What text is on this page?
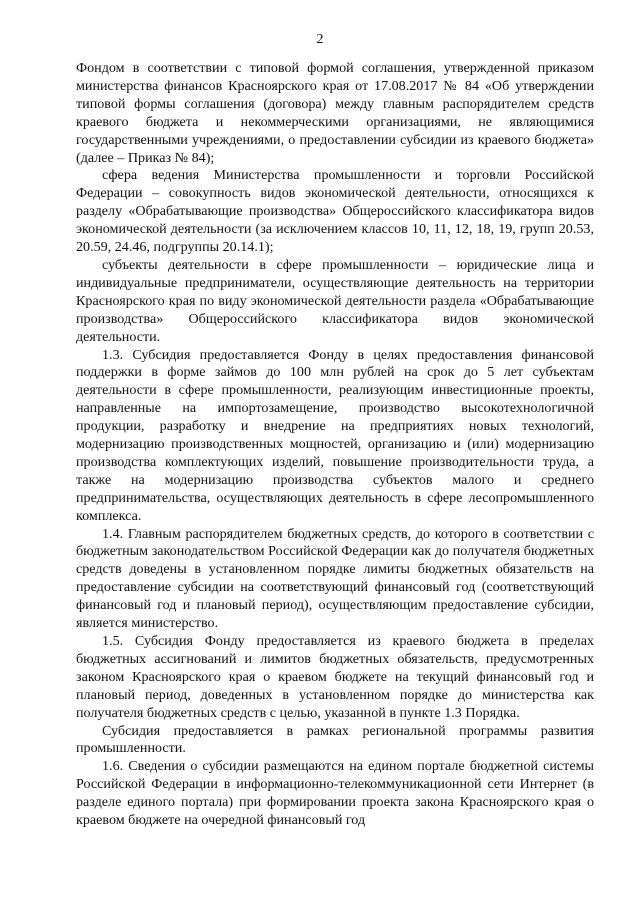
2

Фондом в соответствии с типовой формой соглашения, утвержденной приказом министерства финансов Красноярского края от 17.08.2017 № 84 «Об утверждении типовой формы соглашения (договора) между главным распорядителем средств краевого бюджета и некоммерческими организациями, не являющимися государственными учреждениями, о предоставлении субсидии из краевого бюджета» (далее – Приказ № 84);

сфера ведения Министерства промышленности и торговли Российской Федерации – совокупность видов экономической деятельности, относящихся к разделу «Обрабатывающие производства» Общероссийского классификатора видов экономической деятельности (за исключением классов 10, 11, 12, 18, 19, групп 20.53, 20.59, 24.46, подгруппы 20.14.1);

субъекты деятельности в сфере промышленности – юридические лица и индивидуальные предприниматели, осуществляющие деятельность на территории Красноярского края по виду экономической деятельности раздела «Обрабатывающие производства» Общероссийского классификатора видов экономической деятельности.

1.3. Субсидия предоставляется Фонду в целях предоставления финансовой поддержки в форме займов до 100 млн рублей на срок до 5 лет субъектам деятельности в сфере промышленности, реализующим инвестиционные проекты, направленные на импортозамещение, производство высокотехнологичной продукции, разработку и внедрение на предприятиях новых технологий, модернизацию производственных мощностей, организацию и (или) модернизацию производства комплектующих изделий, повышение производительности труда, а также на модернизацию производства субъектов малого и среднего предпринимательства, осуществляющих деятельность в сфере лесопромышленного комплекса.

1.4. Главным распорядителем бюджетных средств, до которого в соответствии с бюджетным законодательством Российской Федерации как до получателя бюджетных средств доведены в установленном порядке лимиты бюджетных обязательств на предоставление субсидии на соответствующий финансовый год (соответствующий финансовый год и плановый период), осуществляющим предоставление субсидии, является министерство.

1.5. Субсидия Фонду предоставляется из краевого бюджета в пределах бюджетных ассигнований и лимитов бюджетных обязательств, предусмотренных законом Красноярского края о краевом бюджете на текущий финансовый год и плановый период, доведенных в установленном порядке до министерства как получателя бюджетных средств с целью, указанной в пункте 1.3 Порядка.

Субсидия предоставляется в рамках региональной программы развития промышленности.

1.6. Сведения о субсидии размещаются на едином портале бюджетной системы Российской Федерации в информационно-телекоммуникационной сети Интернет (в разделе единого портала) при формировании проекта закона Красноярского края о краевом бюджете на очередной финансовый год
